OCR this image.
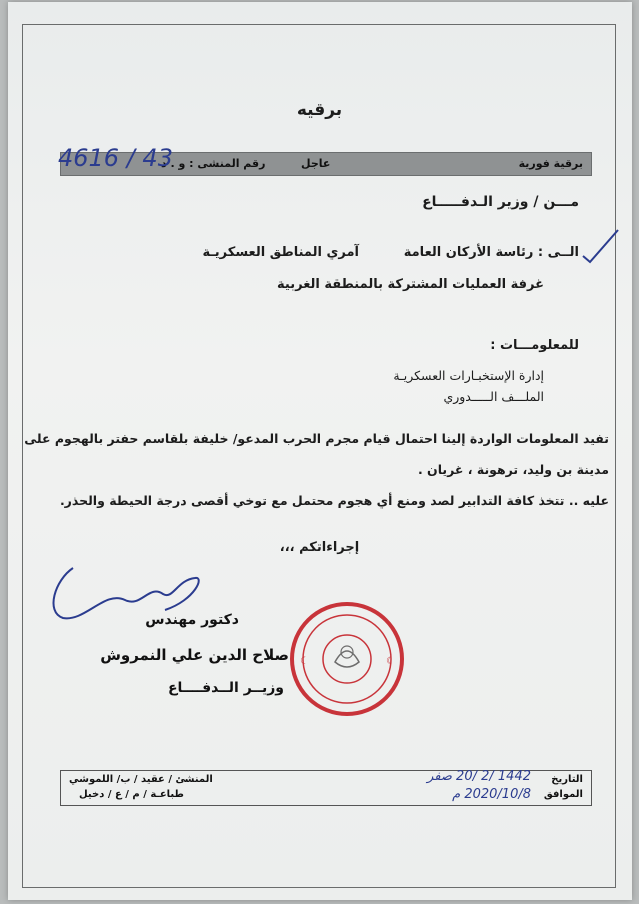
برقيه
برقية فورية
عاجل
رقم المنشى : و . د
4616 / 43
مـــن / وزير الـدفـــــاع
الــى : رئاسة الأركان العامة
آمري المناطق العسكريـة
غرفة العمليات المشتركة بالمنطقة الغربية
للمعلومـــات :
إدارة الإستخبـارات العسكريـة
الملـــف الـــــدوري
تفيد المعلومات الواردة إلينا احتمال قيام مجرم الحرب المدعو/ خليفة بلقاسم حفتر بالهجوم على
مدينة بن وليد، ترهونة ، غريان .
عليه .. تتخذ كافة التدابير لصد ومنع أي هجوم محتمل مع توخي أقصى درجة الحيطة والحذر.
إجراءاتكم ،،،
دكتور مهندس
صلاح الدين علي النمروش
وزيــر الــدفــــاع
☾	☾
المنشئ / عقيد / ب/ اللموشي
طباعـة / م / ع / دخيل
التاريخ
الموافق
1442 /2 /20 صفر
2020/10/8 م
